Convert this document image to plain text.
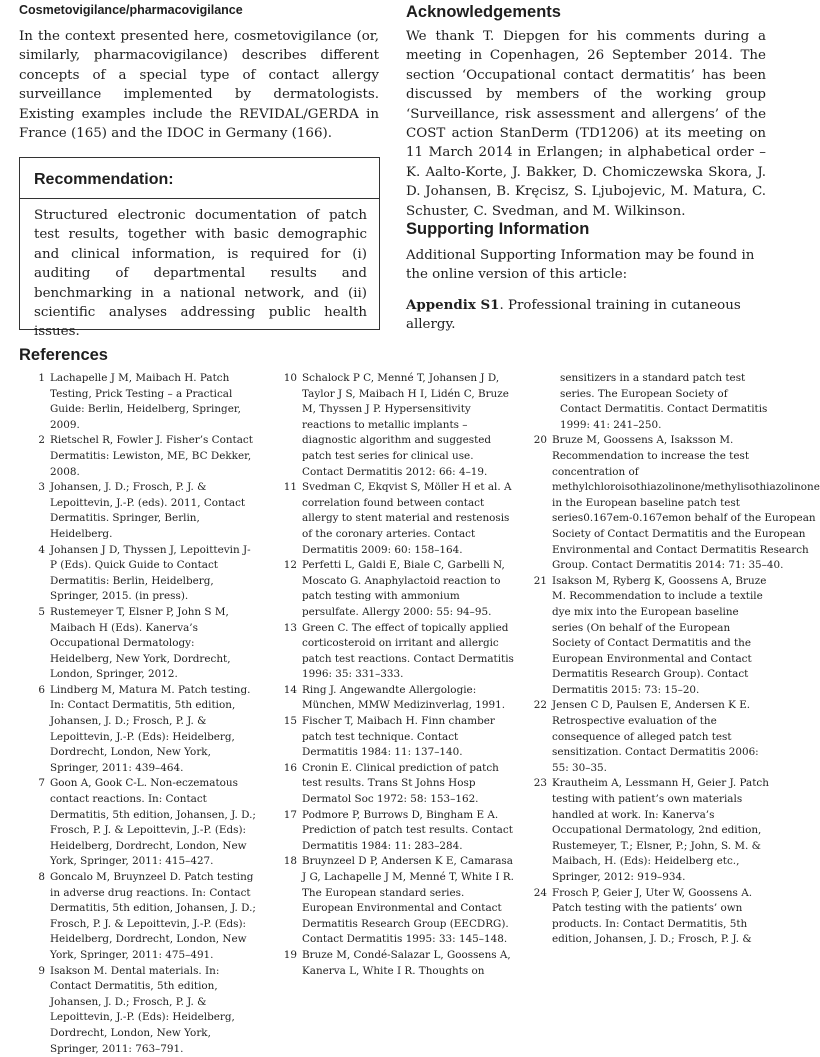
Cosmetovigilance/pharmacovigilance

In the context presented here, cosmetovigilance (or, similarly, pharmacovigilance) describes different concepts of a special type of contact allergy surveillance implemented by dermatologists. Existing examples include the REVIDAL/GERDA in France (165) and the IDOC in Germany (166).

Recommendation:

Structured electronic documentation of patch test results, together with basic demographic and clinical information, is required for (i) auditing of departmental results and benchmarking in a national network, and (ii) scientific analyses addressing public health issues.

Acknowledgements

We thank T. Diepgen for his comments during a meeting in Copenhagen, 26 September 2014. The section ‘Occupational contact dermatitis’ has been discussed by members of the working group ‘Surveillance, risk assessment and allergens’ of the COST action StanDerm (TD1206) at its meeting on 11 March 2014 in Erlangen; in alphabetical order – K. Aalto-Korte, J. Bakker, D. Chomiczewska Skora, J. D. Johansen, B. Kręcisz, S. Ljubojevic, M. Matura, C. Schuster, C. Svedman, and M. Wilkinson.

Supporting Information

Additional Supporting Information may be found in the online version of this article:

Appendix S1. Professional training in cutaneous allergy.

References
1 Lachapelle J M, Maibach H. Patch Testing, Prick Testing – a Practical Guide: Berlin, Heidelberg, Springer, 2009.
2 Rietschel R, Fowler J. Fisher’s Contact Dermatitis: Lewiston, ME, BC Dekker, 2008.
3 Johansen, J. D.; Frosch, P. J. & Lepoittevin, J.-P. (eds). 2011, Contact Dermatitis. Springer, Berlin, Heidelberg.
4 Johansen J D, Thyssen J, Lepoittevin J-P (Eds). Quick Guide to Contact Dermatitis: Berlin, Heidelberg, Springer, 2015. (in press).
5 Rustemeyer T, Elsner P, John S M, Maibach H (Eds). Kanerva’s Occupational Dermatology: Heidelberg, New York, Dordrecht, London, Springer, 2012.
6 Lindberg M, Matura M. Patch testing. In: Contact Dermatitis, 5th edition, Johansen, J. D.; Frosch, P. J. & Lepoittevin, J.-P. (Eds): Heidelberg, Dordrecht, London, New York, Springer, 2011: 439–464.
7 Goon A, Gook C-L. Non-eczematous contact reactions. In: Contact Dermatitis, 5th edition, Johansen, J. D.; Frosch, P. J. & Lepoittevin, J.-P. (Eds): Heidelberg, Dordrecht, London, New York, Springer, 2011: 415–427.
8 Goncalo M, Bruynzeel D. Patch testing in adverse drug reactions. In: Contact Dermatitis, 5th edition, Johansen, J. D.; Frosch, P. J. & Lepoittevin, J.-P. (Eds): Heidelberg, Dordrecht, London, New York, Springer, 2011: 475–491.
9 Isakson M. Dental materials. In: Contact Dermatitis, 5th edition, Johansen, J. D.; Frosch, P. J. & Lepoittevin, J.-P. (Eds): Heidelberg, Dordrecht, London, New York, Springer, 2011: 763–791.
10 Schalock P C, Menné T, Johansen J D, Taylor J S, Maibach H I, Lidén C, Bruze M, Thyssen J P. Hypersensitivity reactions to metallic implants – diagnostic algorithm and suggested patch test series for clinical use. Contact Dermatitis 2012: 66: 4–19.
11 Svedman C, Ekqvist S, Möller H et al. A correlation found between contact allergy to stent material and restenosis of the coronary arteries. Contact Dermatitis 2009: 60: 158–164.
12 Perfetti L, Galdi E, Biale C, Garbelli N, Moscato G. Anaphylactoid reaction to patch testing with ammonium persulfate. Allergy 2000: 55: 94–95.
13 Green C. The effect of topically applied corticosteroid on irritant and allergic patch test reactions. Contact Dermatitis 1996: 35: 331–333.
14 Ring J. Angewandte Allergologie: München, MMW Medizinverlag, 1991.
15 Fischer T, Maibach H. Finn chamber patch test technique. Contact Dermatitis 1984: 11: 137–140.
16 Cronin E. Clinical prediction of patch test results. Trans St Johns Hosp Dermatol Soc 1972: 58: 153–162.
17 Podmore P, Burrows D, Bingham E A. Prediction of patch test results. Contact Dermatitis 1984: 11: 283–284.
18 Bruynzeel D P, Andersen K E, Camarasa J G, Lachapelle J M, Menné T, White I R. The European standard series. European Environmental and Contact Dermatitis Research Group (EECDRG). Contact Dermatitis 1995: 33: 145–148.
19 Bruze M, Condé-Salazar L, Goossens A, Kanerva L, White I R. Thoughts on
sensitizers in a standard patch test series. The European Society of Contact Dermatitis. Contact Dermatitis 1999: 41: 241–250.
20 Bruze M, Goossens A, Isaksson M. Recommendation to increase the test concentration of methylchloroisothiazolinone/methylisothiazolinone in the European baseline patch test series0.167em-0.167emon behalf of the European Society of Contact Dermatitis and the European Environmental and Contact Dermatitis Research Group. Contact Dermatitis 2014: 71: 35–40.
21 Isakson M, Ryberg K, Goossens A, Bruze M. Recommendation to include a textile dye mix into the European baseline series (On behalf of the European Society of Contact Dermatitis and the European Environmental and Contact Dermatitis Research Group). Contact Dermatitis 2015: 73: 15–20.
22 Jensen C D, Paulsen E, Andersen K E. Retrospective evaluation of the consequence of alleged patch test sensitization. Contact Dermatitis 2006: 55: 30–35.
23 Krautheim A, Lessmann H, Geier J. Patch testing with patient’s own materials handled at work. In: Kanerva’s Occupational Dermatology, 2nd edition, Rustemeyer, T.; Elsner, P.; John, S. M. & Maibach, H. (Eds): Heidelberg etc., Springer, 2012: 919–934.
24 Frosch P, Geier J, Uter W, Goossens A. Patch testing with the patients’ own products. In: Contact Dermatitis, 5th edition, Johansen, J. D.; Frosch, P. J. &
